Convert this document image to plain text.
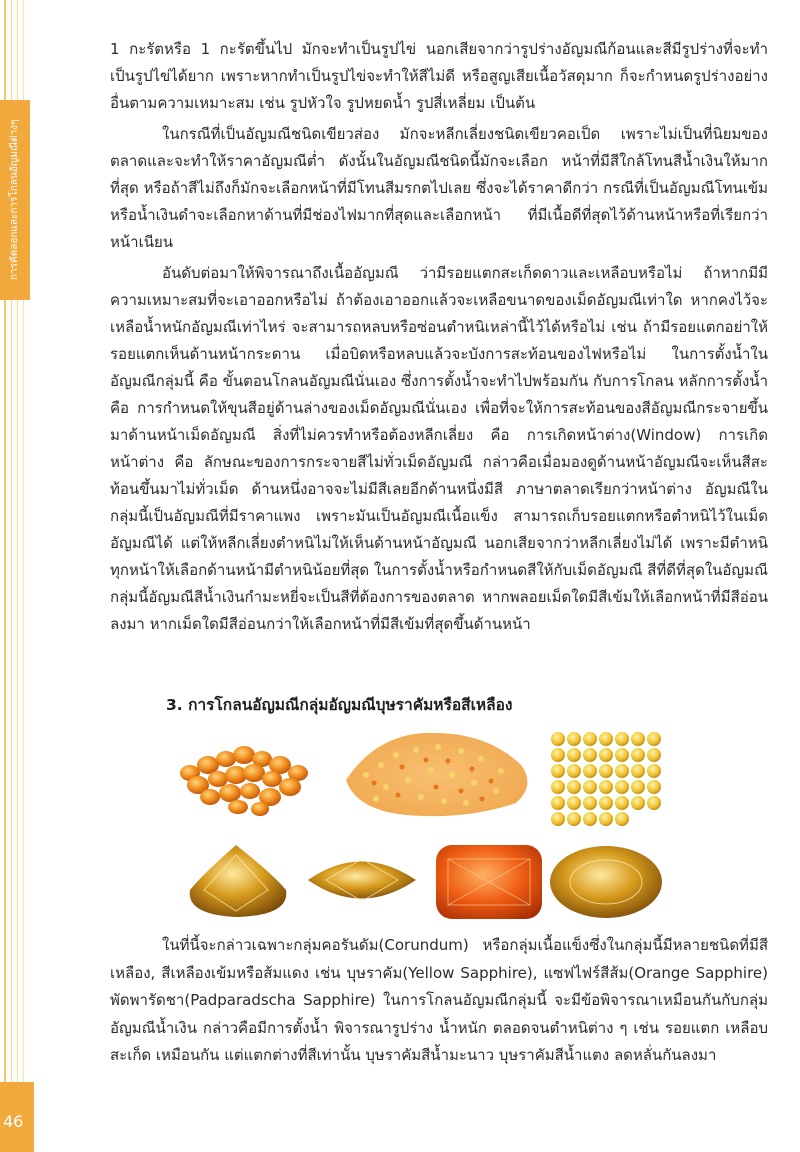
การคัดลอกและการโกลนอัญมณีต่างๆ

1 กะรัตหรือ 1 กะรัตขึ้นไป มักจะทำเป็นรูปไข่ นอกเสียจากว่ารูปร่างอัญมณีก้อนและสีมีรูปร่างที่จะทำเป็นรูปไข่ได้ยาก เพราะหากทำเป็นรูปไข่จะทำให้สีไม่ดี หรือสูญเสียเนื้อวัสดุมาก ก็จะกำหนดรูปร่างอย่างอื่นตามความเหมาะสม เช่น รูปหัวใจ รูปหยดน้ำ รูปสี่เหลี่ยม เป็นต้น

ในกรณีที่เป็นอัญมณีชนิดเขียวส่อง มักจะหลีกเลี่ยงชนิดเขียวคอเป็ด เพราะไม่เป็นที่นิยมของตลาดและจะทำให้ราคาอัญมณีต่ำ ดังนั้นในอัญมณีชนิดนี้มักจะเลือก หน้าที่มีสีใกล้โทนสีน้ำเงินให้มากที่สุด หรือถ้าสีไม่ถึงก็มักจะเลือกหน้าที่มีโทนสีมรกตไปเลย ซึ่งจะได้ราคาดีกว่า กรณีที่เป็นอัญมณีโทนเข้มหรือน้ำเงินดำจะเลือกหาด้านที่มีช่องไฟมากที่สุดและเลือกหน้า ที่มีเนื้อดีที่สุดไว้ด้านหน้าหรือที่เรียกว่าหน้าเนียน

อันดับต่อมาให้พิจารณาถึงเนื้ออัญมณี ว่ามีรอยแตกสะเก็ดดาวและเหลือบหรือไม่ ถ้าหากมีมีความเหมาะสมที่จะเอาออกหรือไม่ ถ้าต้องเอาออกแล้วจะเหลือขนาดของเม็ดอัญมณีเท่าใด หากคงไว้จะเหลือน้ำหนักอัญมณีเท่าไหร่ จะสามารถหลบหรือซ่อนตำหนิเหล่านี้ไว้ได้หรือไม่ เช่น ถ้ามีรอยแตกอย่าให้รอยแตกเห็นด้านหน้ากระดาน เมื่อบิดหรือหลบแล้วจะบังการสะท้อนของไฟหรือไม่ ในการตั้งน้ำในอัญมณีกลุ่มนี้ คือ ขั้นตอนโกลนอัญมณีนั่นเอง ซึ่งการตั้งน้ำจะทำไปพร้อมกัน กับการโกลน หลักการตั้งน้ำคือ การกำหนดให้ขุนสีอยู่ด้านล่างของเม็ดอัญมณีนั่นเอง เพื่อที่จะให้การสะท้อนของสีอัญมณีกระจายขึ้นมาด้านหน้าเม็ดอัญมณี สิ่งที่ไม่ควรทำหรือต้องหลีกเลี่ยง คือ การเกิดหน้าต่าง(Window) การเกิดหน้าต่าง คือ ลักษณะของการกระจายสีไม่ทั่วเม็ดอัญมณี กล่าวคือเมื่อมองดูด้านหน้าอัญมณีจะเห็นสีสะท้อนขึ้นมาไม่ทั่วเม็ด ด้านหนึ่งอาจจะไม่มีสีเลยอีกด้านหนึ่งมีสี ภาษาตลาดเรียกว่าหน้าต่าง อัญมณีในกลุ่มนี้เป็นอัญมณีที่มีราคาแพง เพราะมันเป็นอัญมณีเนื้อแข็ง สามารถเก็บรอยแตกหรือตำหนิไว้ในเม็ดอัญมณีได้ แต่ให้หลีกเลี่ยงตำหนิไม่ให้เห็นด้านหน้าอัญมณี นอกเสียจากว่าหลีกเลี่ยงไม่ได้ เพราะมีตำหนิทุกหน้าให้เลือกด้านหน้ามีตำหนิน้อยที่สุด ในการตั้งน้ำหรือกำหนดสีให้กับเม็ดอัญมณี สีที่ดีที่สุดในอัญมณีกลุ่มนี้อัญมณีสีน้ำเงินกำมะหยี่จะเป็นสีที่ต้องการของตลาด หากพลอยเม็ดใดมีสีเข้มให้เลือกหน้าที่มีสีอ่อนลงมา หากเม็ดใดมีสีอ่อนกว่าให้เลือกหน้าที่มีสีเข้มที่สุดขึ้นด้านหน้า

3. การโกลนอัญมณีกลุ่มอัญมณีบุษราคัมหรือสีเหลือง

ในที่นี้จะกล่าวเฉพาะกลุ่มคอรันดัม(Corundum) หรือกลุ่มเนื้อแข็งซึ่งในกลุ่มนี้มีหลายชนิดที่มีสีเหลือง, สีเหลืองเข้มหรือส้มแดง เช่น บุษราคัม(Yellow Sapphire), แซฟไฟร์สีส้ม(Orange Sapphire) พัดพารัดชา(Padparadscha Sapphire) ในการโกลนอัญมณีกลุ่มนี้ จะมีข้อพิจารณาเหมือนกันกับกลุ่มอัญมณีน้ำเงิน กล่าวคือมีการตั้งน้ำ พิจารณารูปร่าง น้ำหนัก ตลอดจนตำหนิต่าง ๆ เช่น รอยแตก เหลือบสะเก็ด เหมือนกัน แต่แตกต่างที่สีเท่านั้น บุษราคัมสีน้ำมะนาว บุษราคัมสีน้ำแตง ลดหลั่นกันลงมา

46
